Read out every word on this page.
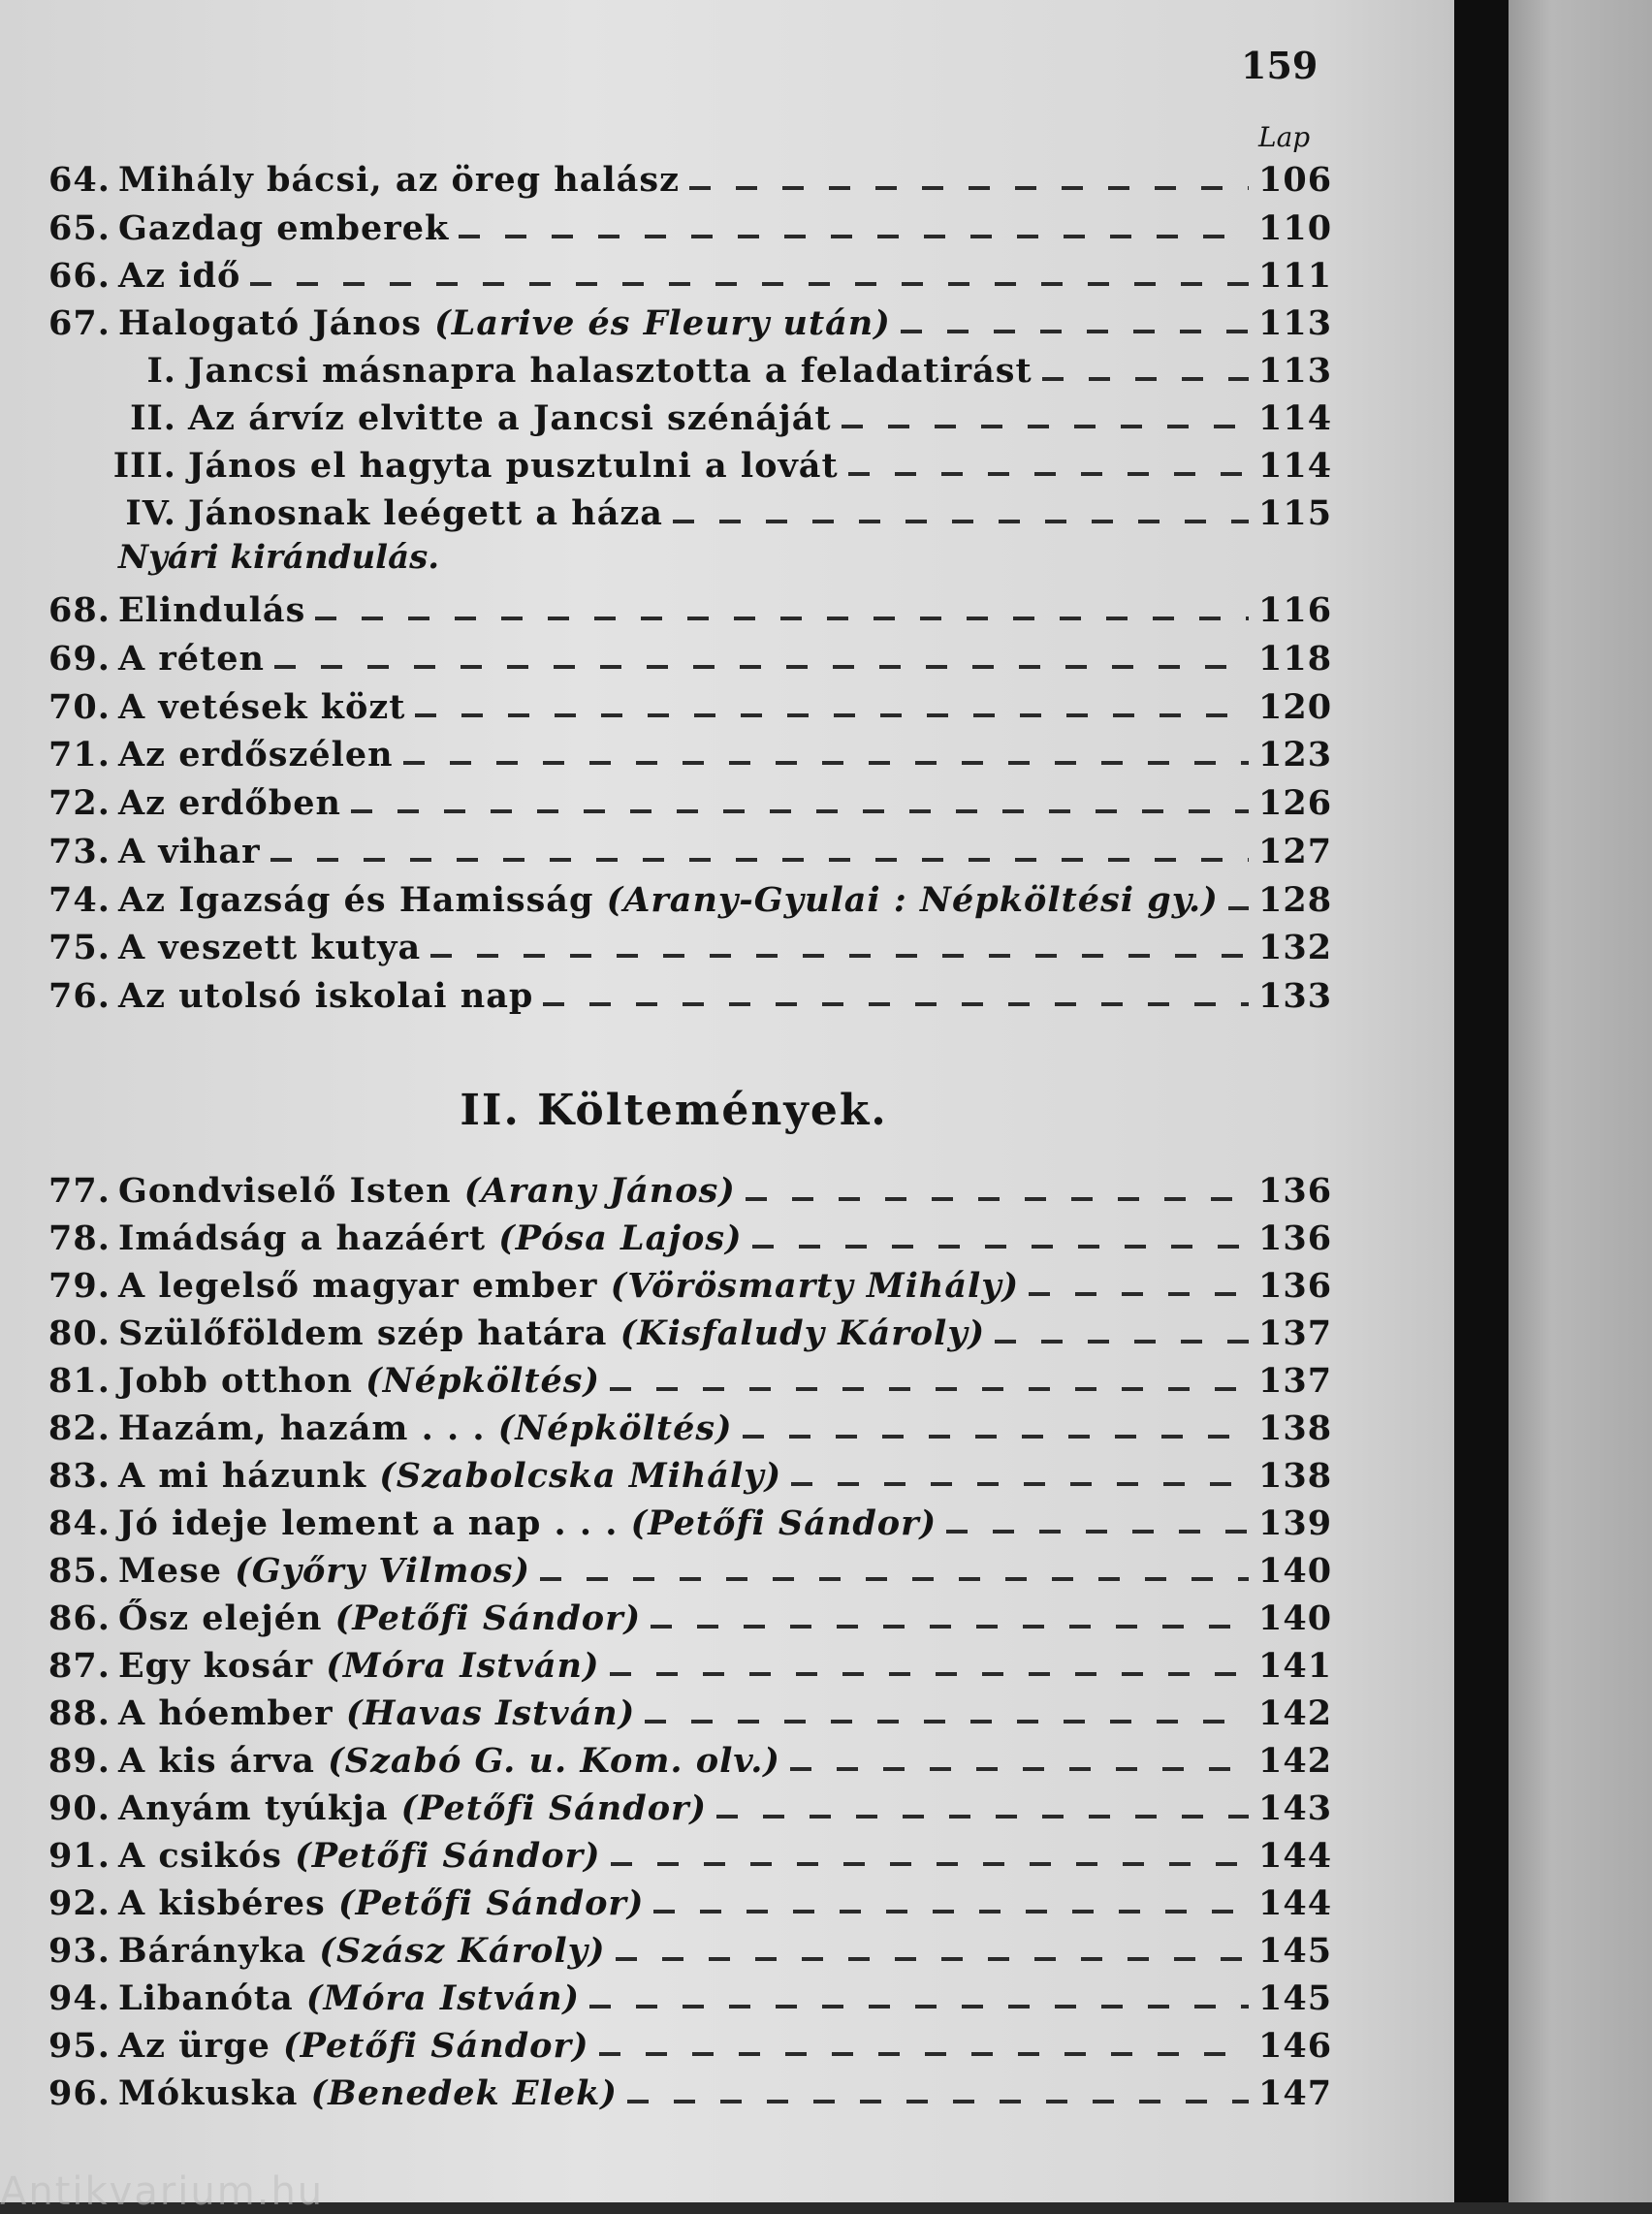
159
Lap
64. Mihály bácsi, az öreg halász	106
65. Gazdag emberek	110
66. Az idő	111
67. Halogató János (Larive és Fleury után)	113
I. Jancsi másnapra halasztotta a feladatirást	113
II. Az árvíz elvitte a Jancsi szénáját	114
III. János el hagyta pusztulni a lovát	114
IV. Jánosnak leégett a háza	115
Nyári kirándulás.
68. Elindulás	116
69. A réten	118
70. A vetések közt	120
71. Az erdőszélen	123
72. Az erdőben	126
73. A vihar	127
74. Az Igazság és Hamisság (Arany-Gyulai : Népköltési gy.) 128
75. A veszett kutya	132
76. Az utolsó iskolai nap	133
II. Költemények.
77. Gondviselő Isten (Arany János)	136
78. Imádság a hazáért (Pósa Lajos)	136
79. A legelső magyar ember (Vörösmarty Mihály)	136
80. Szülőföldem szép határa (Kisfaludy Károly)	137
81. Jobb otthon (Népköltés)	137
82. Hazám, hazám . . . (Népköltés)	138
83. A mi házunk (Szabolcska Mihály)	138
84. Jó ideje lement a nap . . . (Petőfi Sándor)	139
85. Mese (Győry Vilmos)	140
86. Ősz elején (Petőfi Sándor)	140
87. Egy kosár (Móra István)	141
88. A hóember (Havas István)	142
89. A kis árva (Szabó G. u. Kom. olv.)	142
90. Anyám tyúkja (Petőfi Sándor)	143
91. A csikós (Petőfi Sándor)	144
92. A kisbéres (Petőfi Sándor)	144
93. Bárányka (Szász Károly)	145
94. Libanóta (Móra István)	145
95. Az ürge (Petőfi Sándor)	146
96. Mókuska (Benedek Elek)	147
Antikvarium.hu
